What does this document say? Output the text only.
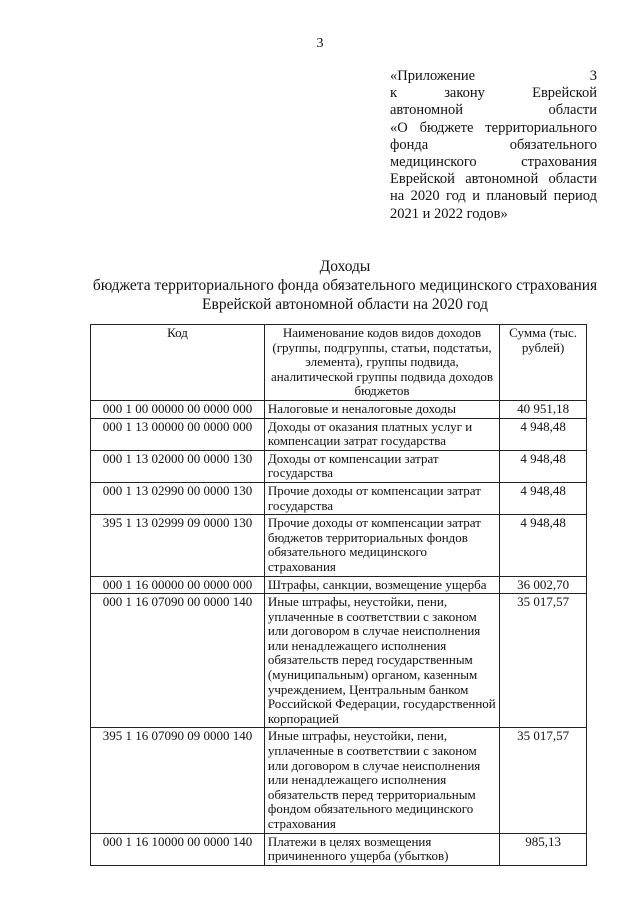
3
«Приложение 3
к закону Еврейской
автономной области
«О бюджете территориального
фонда обязательного
медицинского страхования
Еврейской автономной области
на 2020 год и плановый период
2021 и 2022 годов»
Доходы
бюджета территориального фонда обязательного медицинского страхования
Еврейской автономной области на 2020 год
Код	Наименование кодов видов доходов (группы, подгруппы, статьи, подстатьи, элемента), группы подвида, аналитической группы подвида доходов бюджетов	Сумма (тыс. рублей)
000 1 00 00000 00 0000 000	Налоговые и неналоговые доходы	40 951,18
000 1 13 00000 00 0000 000	Доходы от оказания платных услуг и компенсации затрат государства	4 948,48
000 1 13 02000 00 0000 130	Доходы от компенсации затрат государства	4 948,48
000 1 13 02990 00 0000 130	Прочие доходы от компенсации затрат государства	4 948,48
395 1 13 02999 09 0000 130	Прочие доходы от компенсации затрат бюджетов территориальных фондов обязательного медицинского страхования	4 948,48
000 1 16 00000 00 0000 000	Штрафы, санкции, возмещение ущерба	36 002,70
000 1 16 07090 00 0000 140	Иные штрафы, неустойки, пени, уплаченные в соответствии с законом или договором в случае неисполнения или ненадлежащего исполнения обязательств перед государственным (муниципальным) органом, казенным учреждением, Центральным банком Российской Федерации, государственной корпорацией	35 017,57
395 1 16 07090 09 0000 140	Иные штрафы, неустойки, пени, уплаченные в соответствии с законом или договором в случае неисполнения или ненадлежащего исполнения обязательств перед территориальным фондом обязательного медицинского страхования	35 017,57
000 1 16 10000 00 0000 140	Платежи в целях возмещения причиненного ущерба (убытков)	985,13
